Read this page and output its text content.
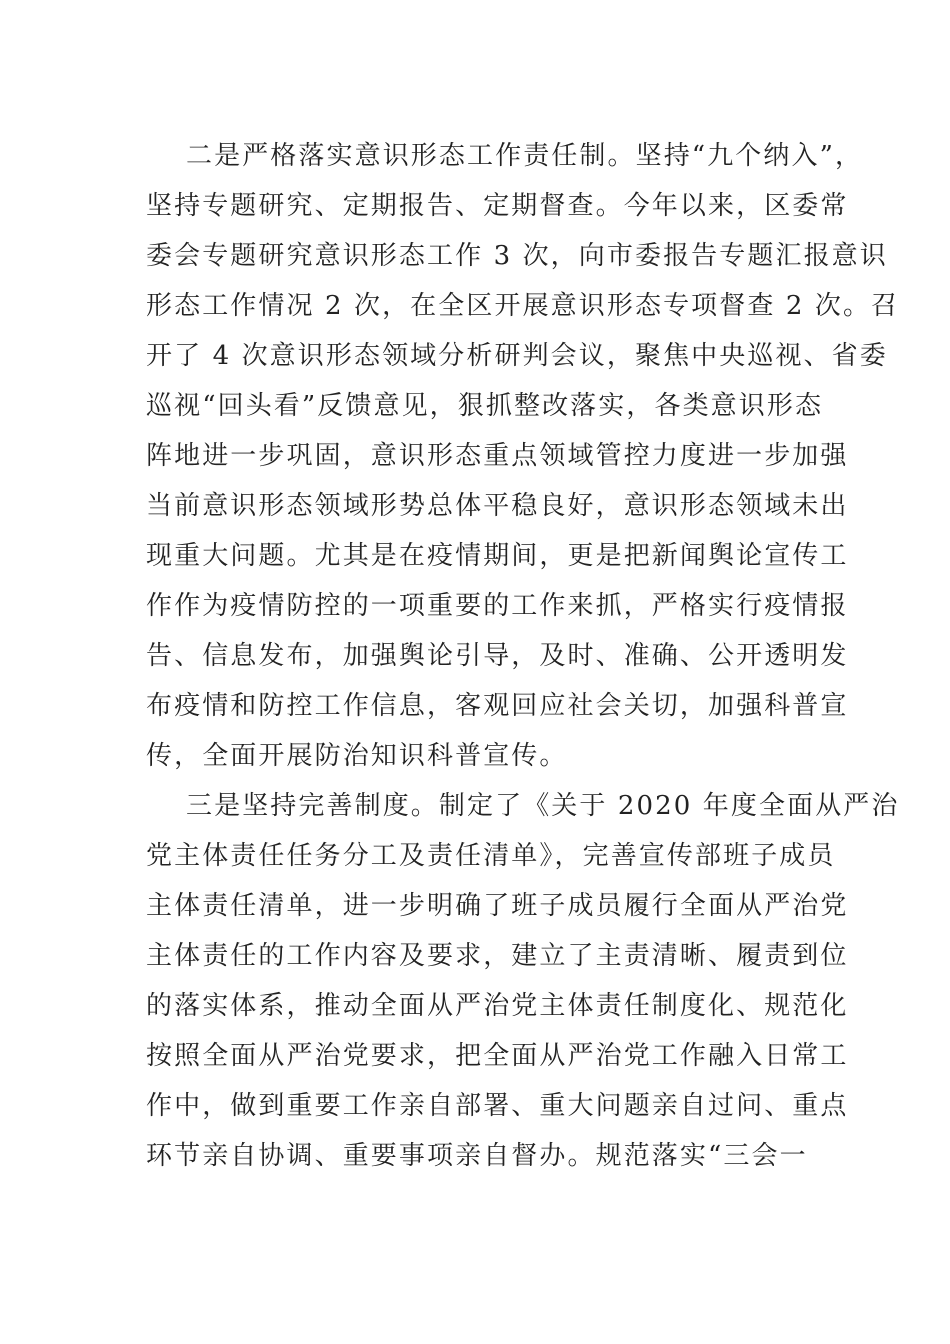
二是严格落实意识形态工作责任制。坚持“九个纳入”，
坚持专题研究、定期报告、定期督查。今年以来，区委常
委会专题研究意识形态工作 3 次，向市委报告专题汇报意识
形态工作情况 2 次，在全区开展意识形态专项督查 2 次。召
开了 4 次意识形态领域分析研判会议，聚焦中央巡视、省委
巡视“回头看”反馈意见，狠抓整改落实，各类意识形态
阵地进一步巩固，意识形态重点领域管控力度进一步加强
当前意识形态领域形势总体平稳良好，意识形态领域未出
现重大问题。尤其是在疫情期间，更是把新闻舆论宣传工
作作为疫情防控的一项重要的工作来抓，严格实行疫情报
告、信息发布，加强舆论引导，及时、准确、公开透明发
布疫情和防控工作信息，客观回应社会关切，加强科普宣
传，全面开展防治知识科普宣传。
三是坚持完善制度。制定了《关于 2020 年度全面从严治
党主体责任任务分工及责任清单》，完善宣传部班子成员
主体责任清单，进一步明确了班子成员履行全面从严治党
主体责任的工作内容及要求，建立了主责清晰、履责到位
的落实体系，推动全面从严治党主体责任制度化、规范化
按照全面从严治党要求，把全面从严治党工作融入日常工
作中，做到重要工作亲自部署、重大问题亲自过问、重点
环节亲自协调、重要事项亲自督办。规范落实“三会一
